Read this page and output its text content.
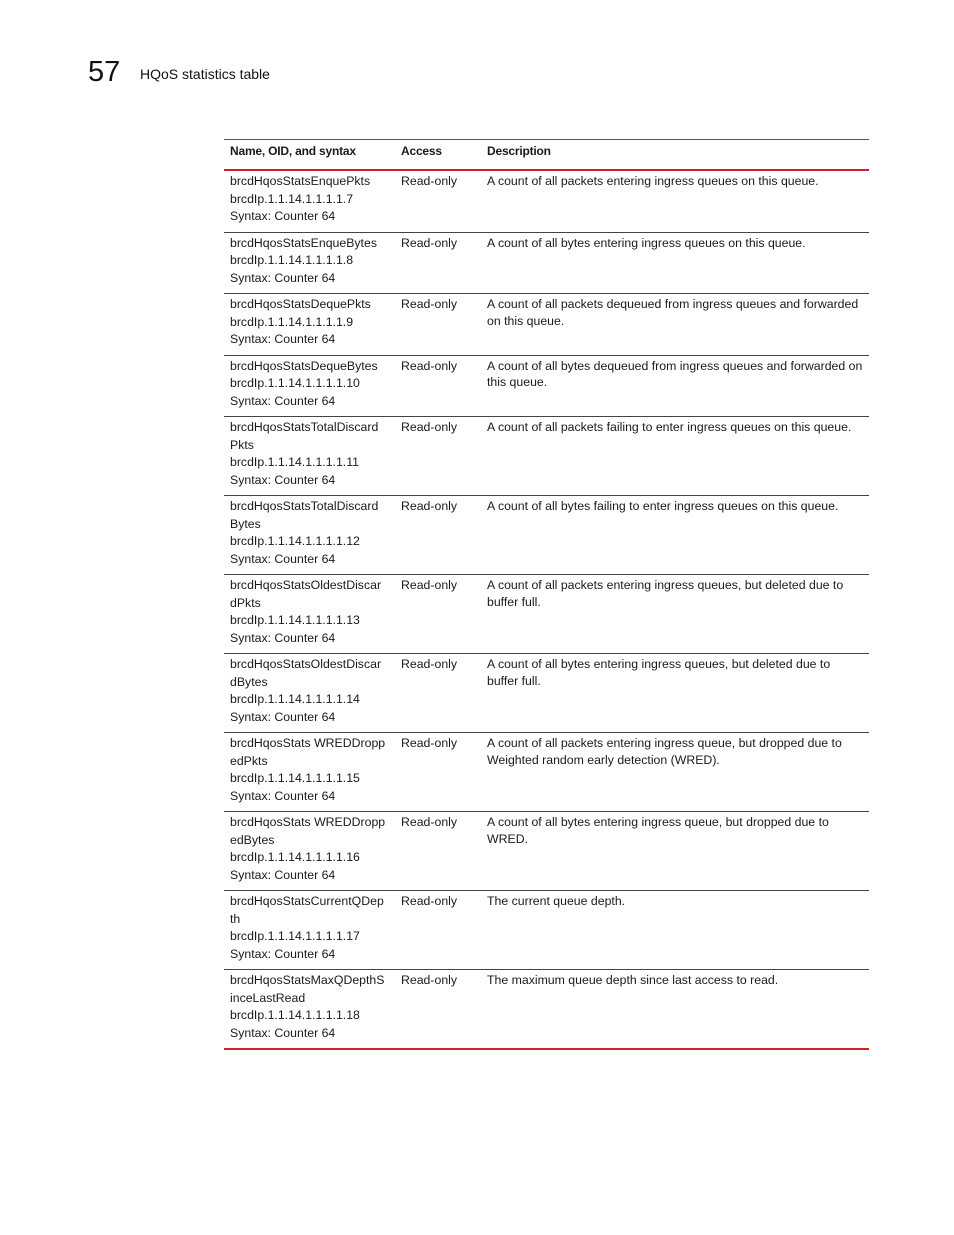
57 HQoS statistics table
Name, OID, and syntax	Access	Description

brcdHqosStatsEnquePkts
brcdIp.1.1.14.1.1.1.1.7
Syntax: Counter 64	Read-only	A count of all packets entering ingress queues on this queue.

brcdHqosStatsEnqueBytes
brcdIp.1.1.14.1.1.1.1.8
Syntax: Counter 64	Read-only	A count of all bytes entering ingress queues on this queue.

brcdHqosStatsDequePkts
brcdIp.1.1.14.1.1.1.1.9
Syntax: Counter 64	Read-only	A count of all packets dequeued from ingress queues and forwarded on this queue.

brcdHqosStatsDequeBytes
brcdIp.1.1.14.1.1.1.1.10
Syntax: Counter 64	Read-only	A count of all bytes dequeued from ingress queues and forwarded on this queue.

brcdHqosStatsTotalDiscard Pkts
brcdIp.1.1.14.1.1.1.1.11
Syntax: Counter 64	Read-only	A count of all packets failing to enter ingress queues on this queue.

brcdHqosStatsTotalDiscard Bytes
brcdIp.1.1.14.1.1.1.1.12
Syntax: Counter 64	Read-only	A count of all bytes failing to enter ingress queues on this queue.

brcdHqosStatsOldestDiscar dPkts
brcdIp.1.1.14.1.1.1.1.13
Syntax: Counter 64	Read-only	A count of all packets entering ingress queues, but deleted due to buffer full.

brcdHqosStatsOldestDiscar dBytes
brcdIp.1.1.14.1.1.1.1.14
Syntax: Counter 64	Read-only	A count of all bytes entering ingress queues, but deleted due to buffer full.

brcdHqosStats WREDDroppedPkts
brcdIp.1.1.14.1.1.1.1.15
Syntax: Counter 64	Read-only	A count of all packets entering ingress queue, but dropped due to Weighted random early detection (WRED).

brcdHqosStats WREDDroppedBytes
brcdIp.1.1.14.1.1.1.1.16
Syntax: Counter 64	Read-only	A count of all bytes entering ingress queue, but dropped due to WRED.

brcdHqosStatsCurrentQDep th
brcdIp.1.1.14.1.1.1.1.17
Syntax: Counter 64	Read-only	The current queue depth.

brcdHqosStatsMaxQDepthS inceLastRead
brcdIp.1.1.14.1.1.1.1.18
Syntax: Counter 64	Read-only	The maximum queue depth since last access to read.
